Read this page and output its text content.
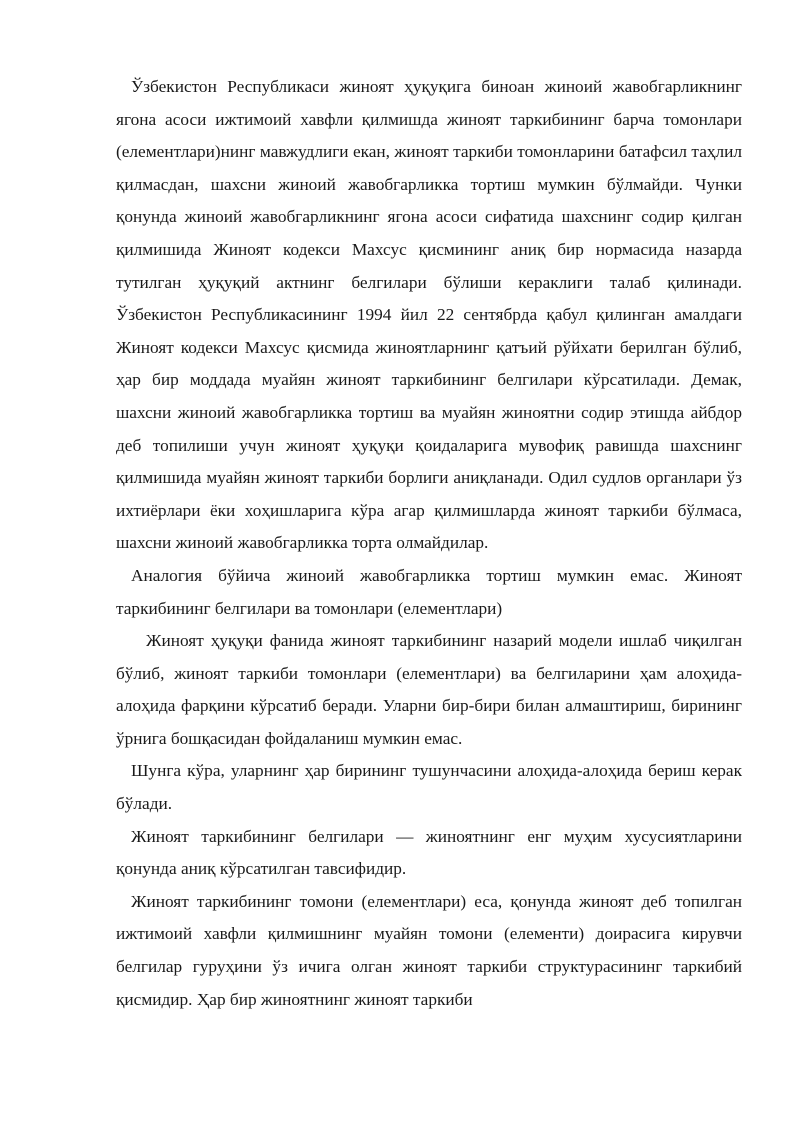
Ўзбекистон Республикаси жиноят ҳуқуқига биноан жиноий жавобгарликнинг ягона асоси ижтимоий хавфли қилмишда жиноят таркибининг барча томонлари (елементлари)нинг мавжудлиги екан, жиноят таркиби томонларини батафсил таҳлил қилмасдан, шахсни жиноий жавобгарликка тортиш мумкин бўлмайди. Чунки қонунда жиноий жавобгарликнинг ягона асоси сифатида шахснинг содир қилган қилмишида Жиноят кодекси Махсус қисмининг аниқ бир нормасида назарда тутилган ҳуқуқий актнинг белгилари бўлиши кераклиги талаб қилинади. Ўзбекистон Республикасининг 1994 йил 22 сентябрда қабул қилинган амалдаги Жиноят кодекси Махсус қисмида жиноятларнинг қатъий рўйхати берилган бўлиб, ҳар бир моддада муайян жиноят таркибининг белгилари кўрсатилади. Демак, шахсни жиноий жавобгарликка тортиш ва муайян жиноятни содир этишда айбдор деб топилиши учун жиноят ҳуқуқи қоидаларига мувофиқ равишда шахснинг қилмишида муайян жиноят таркиби борлиги аниқланади. Одил судлов органлари ўз ихтиёрлари ёки хоҳишларига кўра агар қилмишларда жиноят таркиби бўлмаса, шахсни жиноий жавобгарликка торта олмайдилар.

Аналогия бўйича жиноий жавобгарликка тортиш мумкин емас. Жиноят таркибининг белгилари ва томонлари (елементлари)

Жиноят ҳуқуқи фанида жиноят таркибининг назарий модели ишлаб чиқилган бўлиб, жиноят таркиби томонлари (елементлари) ва белгиларини ҳам алоҳида-алоҳида фарқини кўрсатиб беради. Уларни бир-бири билан алмаштириш, бирининг ўрнига бошқасидан фойдаланиш мумкин емас.

Шунга кўра, уларнинг ҳар бирининг тушунчасини алоҳида-алоҳида бериш керак бўлади.

Жиноят таркибининг белгилари — жиноятнинг енг муҳим хусусиятларини қонунда аниқ кўрсатилган тавсифидир.

Жиноят таркибининг томони (елементлари) еса, қонунда жиноят деб топилган ижтимоий хавфли қилмишнинг муайян томони (елементи) доирасига кирувчи белгилар гуруҳини ўз ичига олган жиноят таркиби структурасининг таркибий қисмидир. Ҳар бир жиноятнинг жиноят таркиби
